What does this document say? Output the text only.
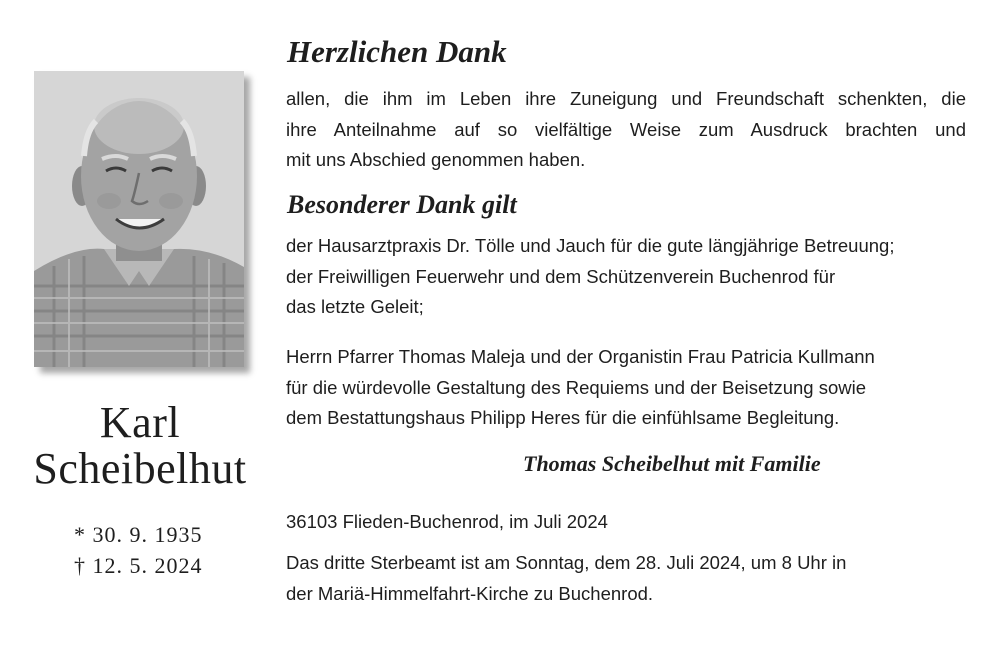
Karl
Scheibelhut
* 30. 9. 1935
† 12. 5. 2024
Herzlichen Dank
allen, die ihm im Leben ihre Zuneigung und Freundschaft schenkten, die
ihre Anteilnahme auf so vielfältige Weise zum Ausdruck brachten und
mit uns Abschied genommen haben.
Besonderer Dank gilt
der Hausarztpraxis Dr. Tölle und Jauch für die gute längjährige Betreuung;
der Freiwilligen Feuerwehr und dem Schützenverein Buchenrod für
das letzte Geleit;
Herrn Pfarrer Thomas Maleja und der Organistin Frau Patricia Kullmann
für die würdevolle Gestaltung des Requiems und der Beisetzung sowie
dem Bestattungshaus Philipp Heres für die einfühlsame Begleitung.
Thomas Scheibelhut mit Familie
36103 Flieden-Buchenrod, im Juli 2024
Das dritte Sterbeamt ist am Sonntag, dem 28. Juli 2024, um 8 Uhr in
der Mariä-Himmelfahrt-Kirche zu Buchenrod.
